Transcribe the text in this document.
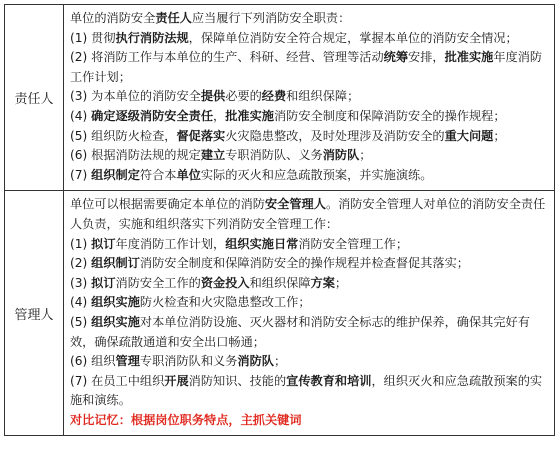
责任人
单位的消防安全责任人应当履行下列消防安全职责：
(1) 贯彻执行消防法规，保障单位消防安全符合规定，掌握本单位的消防安全情况；
(2) 将消防工作与本单位的生产、科研、经营、管理等活动统筹安排，批准实施年度消防工作计划；
(3) 为本单位的消防安全提供必要的经费和组织保障；
(4) 确定逐级消防安全责任，批准实施消防安全制度和保障消防安全的操作规程；
(5) 组织防火检查，督促落实火灾隐患整改，及时处理涉及消防安全的重大问题；
(6) 根据消防法规的规定建立专职消防队、义务消防队；
(7) 组织制定符合本单位实际的灭火和应急疏散预案，并实施演练。
管理人
单位可以根据需要确定本单位的消防安全管理人。消防安全管理人对单位的消防安全责任人负责，实施和组织落实下列消防安全管理工作：
(1) 拟订年度消防工作计划，组织实施日常消防安全管理工作；
(2) 组织制订消防安全制度和保障消防安全的操作规程并检查督促其落实；
(3) 拟订消防安全工作的资金投入和组织保障方案；
(4) 组织实施防火检查和火灾隐患整改工作；
(5) 组织实施对本单位消防设施、灭火器材和消防安全标志的维护保养，确保其完好有效，确保疏散通道和安全出口畅通；
(6) 组织管理专职消防队和义务消防队；
(7) 在员工中组织开展消防知识、技能的宣传教育和培训，组织灭火和应急疏散预案的实施和演练。
对比记忆：根据岗位职务特点，主抓关键词
